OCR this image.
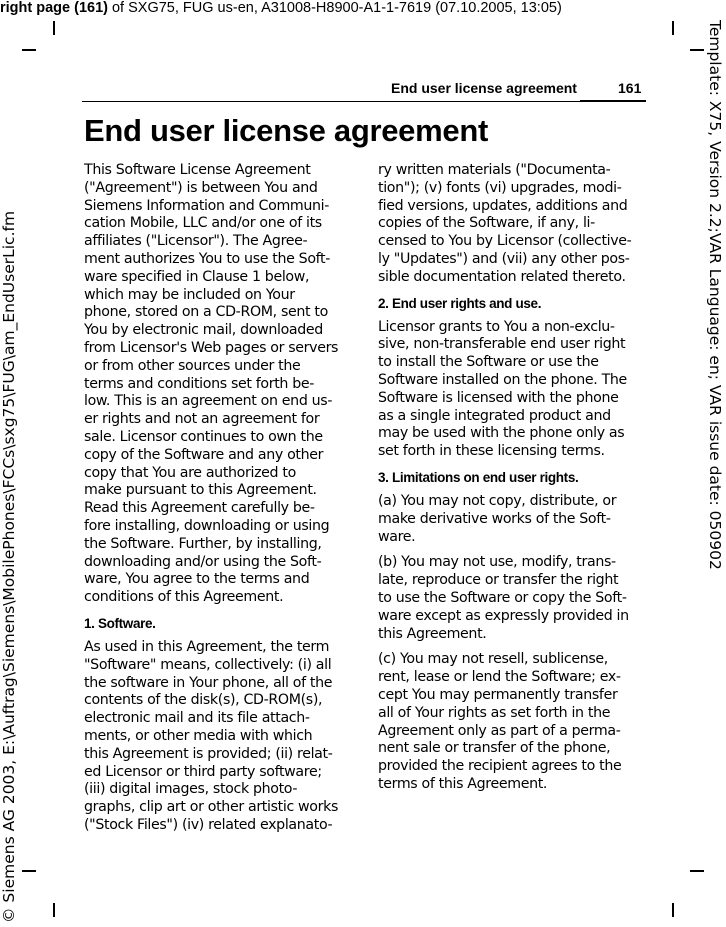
right page (161) of SXG75, FUG us-en, A31008-H8900-A1-1-7619 (07.10.2005, 13:05)
Template: X75, Version 2.2;VAR Language: en; VAR issue date: 050902
© Siemens AG 2003, E:\Auftrag\Siemens\MobilePhones\FCCs\sxg75\FUG\am_EndUserLic.fm
End user license agreement	161
End user license agreement

This Software License Agreement
("Agreement") is between You and
Siemens Information and Communi-
cation Mobile, LLC and/or one of its
affiliates ("Licensor"). The Agree-
ment authorizes You to use the Soft-
ware specified in Clause 1 below,
which may be included on Your
phone, stored on a CD-ROM, sent to
You by electronic mail, downloaded
from Licensor's Web pages or servers
or from other sources under the
terms and conditions set forth be-
low. This is an agreement on end us-
er rights and not an agreement for
sale. Licensor continues to own the
copy of the Software and any other
copy that You are authorized to
make pursuant to this Agreement.
Read this Agreement carefully be-
fore installing, downloading or using
the Software. Further, by installing,
downloading and/or using the Soft-
ware, You agree to the terms and
conditions of this Agreement.

1. Software.

As used in this Agreement, the term
"Software" means, collectively: (i) all
the software in Your phone, all of the
contents of the disk(s), CD-ROM(s),
electronic mail and its file attach-
ments, or other media with which
this Agreement is provided; (ii) relat-
ed Licensor or third party software;
(iii) digital images, stock photo-
graphs, clip art or other artistic works
("Stock Files") (iv) related explanato-

ry written materials ("Documenta-
tion"); (v) fonts (vi) upgrades, modi-
fied versions, updates, additions and
copies of the Software, if any, li-
censed to You by Licensor (collective-
ly "Updates") and (vii) any other pos-
sible documentation related thereto.

2. End user rights and use.

Licensor grants to You a non-exclu-
sive, non-transferable end user right
to install the Software or use the
Software installed on the phone. The
Software is licensed with the phone
as a single integrated product and
may be used with the phone only as
set forth in these licensing terms.

3. Limitations on end user rights.

(a) You may not copy, distribute, or
make derivative works of the Soft-
ware.

(b) You may not use, modify, trans-
late, reproduce or transfer the right
to use the Software or copy the Soft-
ware except as expressly provided in
this Agreement.

(c) You may not resell, sublicense,
rent, lease or lend the Software; ex-
cept You may permanently transfer
all of Your rights as set forth in the
Agreement only as part of a perma-
nent sale or transfer of the phone,
provided the recipient agrees to the
terms of this Agreement.
